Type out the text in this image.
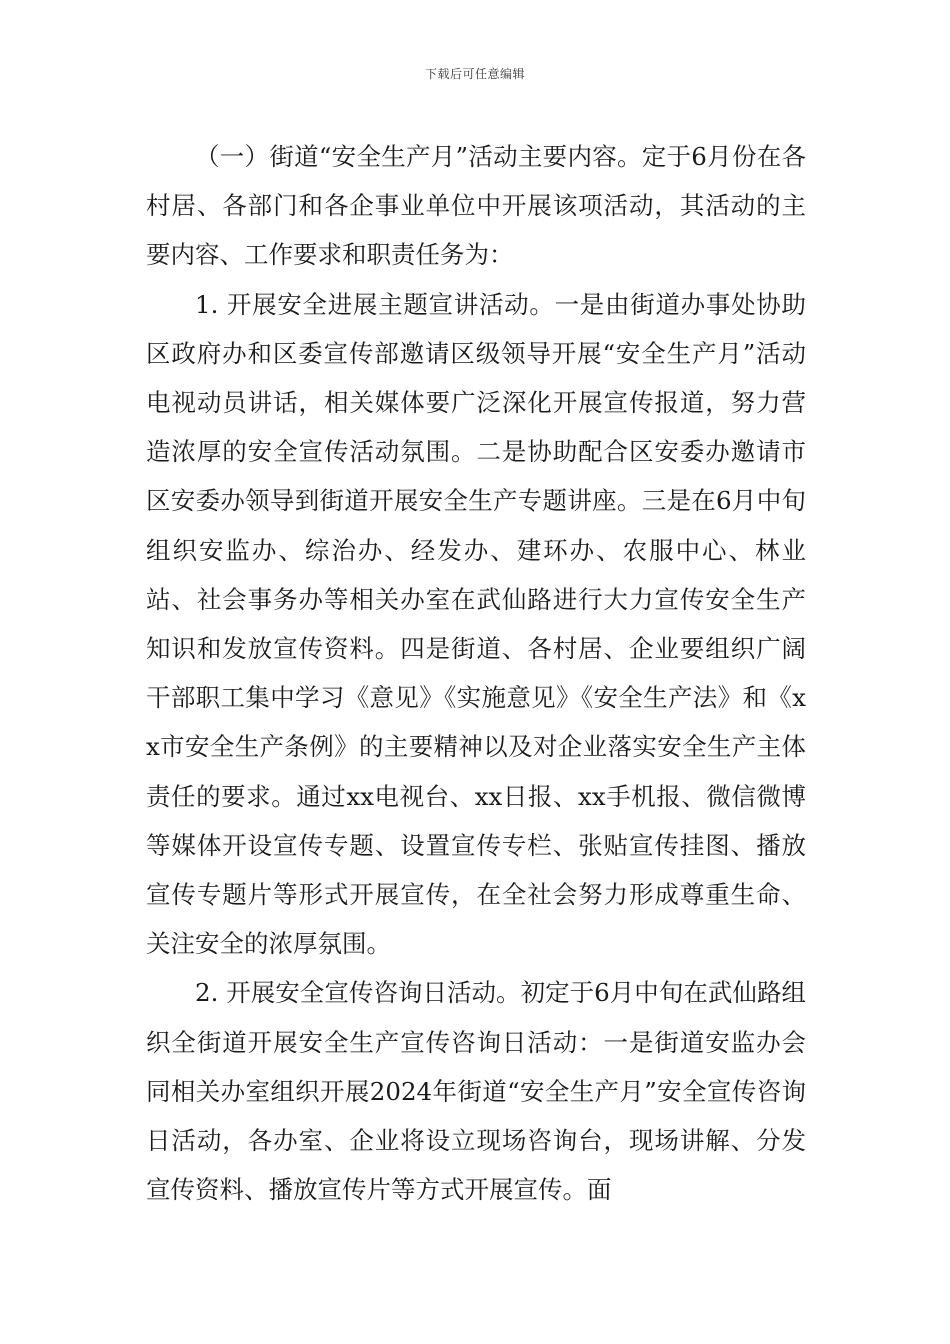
下载后可任意编辑

（一）街道“安全生产月”活动主要内容。定于6月份在各村居、各部门和各企事业单位中开展该项活动，其活动的主要内容、工作要求和职责任务为：

1. 开展安全进展主题宣讲活动。一是由街道办事处协助区政府办和区委宣传部邀请区级领导开展“安全生产月”活动电视动员讲话，相关媒体要广泛深化开展宣传报道，努力营造浓厚的安全宣传活动氛围。二是协助配合区安委办邀请市区安委办领导到街道开展安全生产专题讲座。三是在6月中旬组织安监办、综治办、经发办、建环办、农服中心、林业站、社会事务办等相关办室在武仙路进行大力宣传安全生产知识和发放宣传资料。四是街道、各村居、企业要组织广阔干部职工集中学习《意见》《实施意见》《安全生产法》和《xx市安全生产条例》的主要精神以及对企业落实安全生产主体责任的要求。通过xx电视台、xx日报、xx手机报、微信微博等媒体开设宣传专题、设置宣传专栏、张贴宣传挂图、播放宣传专题片等形式开展宣传，在全社会努力形成尊重生命、关注安全的浓厚氛围。

2. 开展安全宣传咨询日活动。初定于6月中旬在武仙路组织全街道开展安全生产宣传咨询日活动：一是街道安监办会同相关办室组织开展2024年街道“安全生产月”安全宣传咨询日活动，各办室、企业将设立现场咨询台，现场讲解、分发宣传资料、播放宣传片等方式开展宣传。面
